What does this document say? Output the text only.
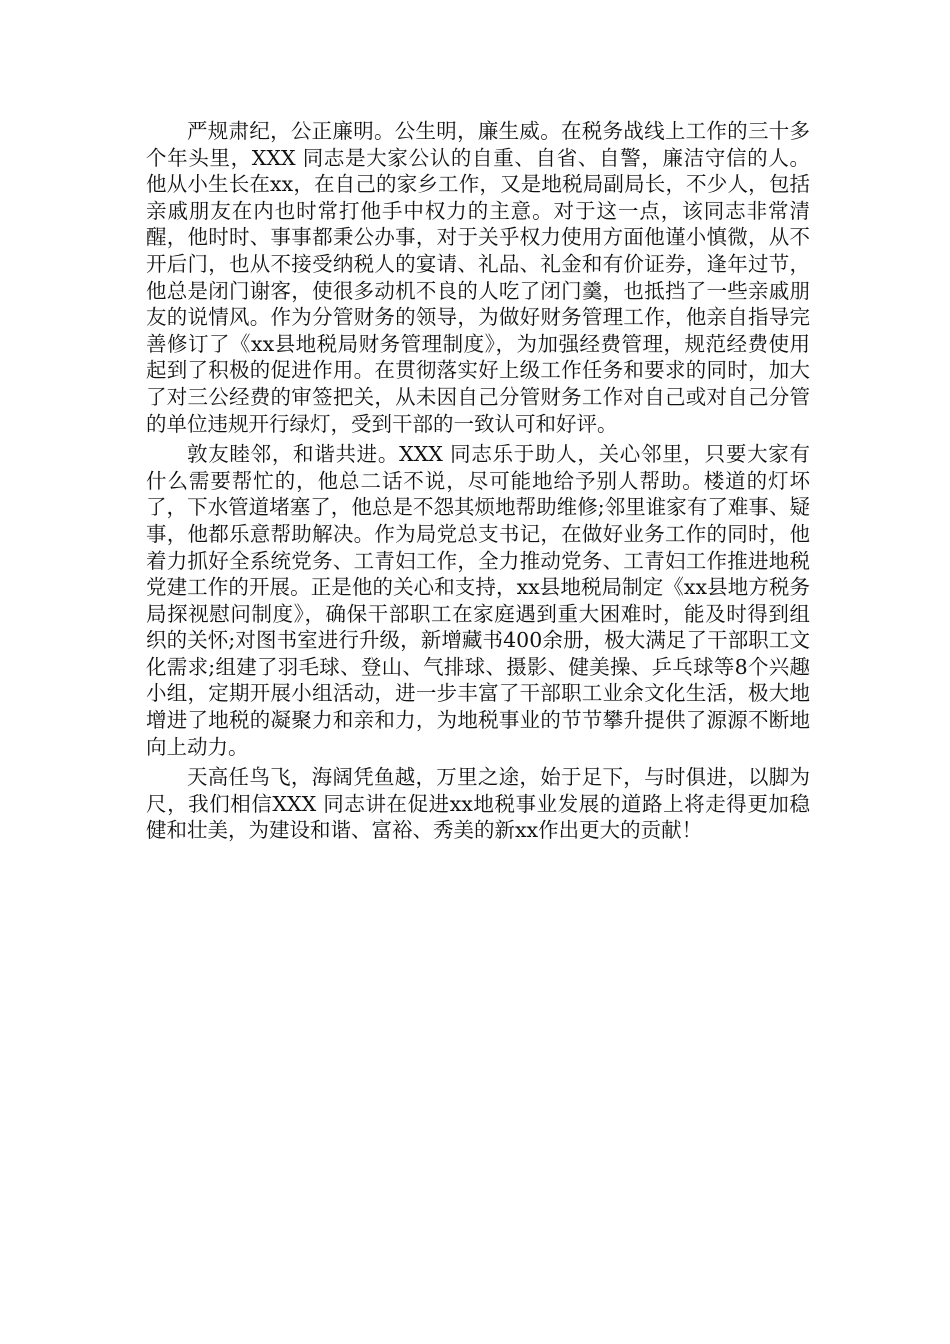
严规肃纪，公正廉明。公生明，廉生威。在税务战线上工作的三十多个年头里，XXX 同志是大家公认的自重、自省、自警，廉洁守信的人。他从小生长在xx，在自己的家乡工作，又是地税局副局长，不少人，包括亲戚朋友在内也时常打他手中权力的主意。对于这一点，该同志非常清醒，他时时、事事都秉公办事，对于关乎权力使用方面他谨小慎微，从不开后门，也从不接受纳税人的宴请、礼品、礼金和有价证券，逢年过节，他总是闭门谢客，使很多动机不良的人吃了闭门羹，也抵挡了一些亲戚朋友的说情风。作为分管财务的领导，为做好财务管理工作，他亲自指导完善修订了《xx县地税局财务管理制度》，为加强经费管理，规范经费使用起到了积极的促进作用。在贯彻落实好上级工作任务和要求的同时，加大了对三公经费的审签把关，从未因自己分管财务工作对自己或对自己分管的单位违规开行绿灯，受到干部的一致认可和好评。

敦友睦邻，和谐共进。XXX 同志乐于助人，关心邻里，只要大家有什么需要帮忙的，他总二话不说，尽可能地给予别人帮助。楼道的灯坏了，下水管道堵塞了，他总是不怨其烦地帮助维修;邻里谁家有了难事、疑事，他都乐意帮助解决。作为局党总支书记，在做好业务工作的同时，他着力抓好全系统党务、工青妇工作，全力推动党务、工青妇工作推进地税党建工作的开展。正是他的关心和支持，xx县地税局制定《xx县地方税务局探视慰问制度》，确保干部职工在家庭遇到重大困难时，能及时得到组织的关怀;对图书室进行升级，新增藏书400余册，极大满足了干部职工文化需求;组建了羽毛球、登山、气排球、摄影、健美操、乒乓球等8个兴趣小组，定期开展小组活动，进一步丰富了干部职工业余文化生活，极大地增进了地税的凝聚力和亲和力，为地税事业的节节攀升提供了源源不断地向上动力。

天高任鸟飞，海阔凭鱼越，万里之途，始于足下，与时俱进，以脚为尺，我们相信XXX 同志讲在促进xx地税事业发展的道路上将走得更加稳健和壮美，为建设和谐、富裕、秀美的新xx作出更大的贡献！
